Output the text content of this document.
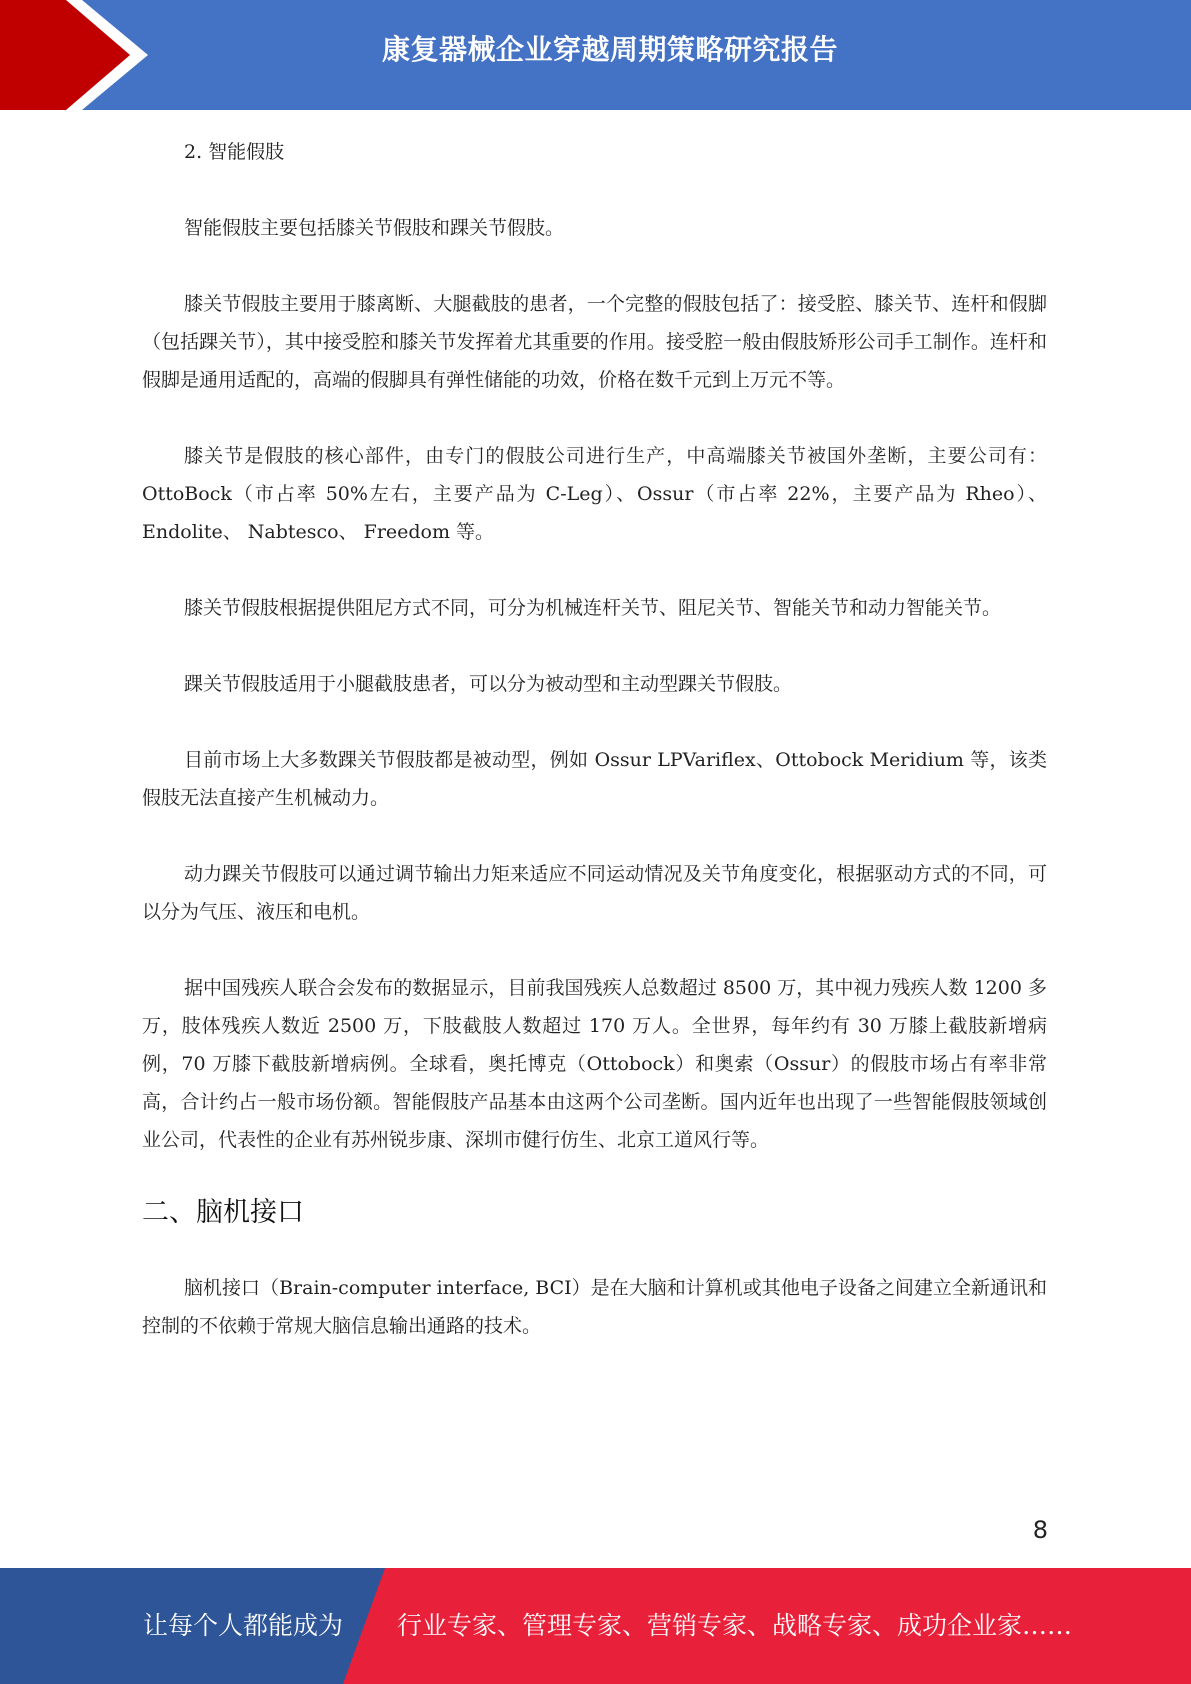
康复器械企业穿越周期策略研究报告

2. 智能假肢

智能假肢主要包括膝关节假肢和踝关节假肢。

膝关节假肢主要用于膝离断、大腿截肢的患者，一个完整的假肢包括了：接受腔、膝关节、连杆和假脚（包括踝关节），其中接受腔和膝关节发挥着尤其重要的作用。接受腔一般由假肢矫形公司手工制作。连杆和假脚是通用适配的，高端的假脚具有弹性储能的功效，价格在数千元到上万元不等。

膝关节是假肢的核心部件，由专门的假肢公司进行生产，中高端膝关节被国外垄断，主要公司有：OttoBock（市占率 50%左右，主要产品为 C-Leg）、Ossur（市占率 22%，主要产品为 Rheo）、Endolite、 Nabtesco、 Freedom 等。

膝关节假肢根据提供阻尼方式不同，可分为机械连杆关节、阻尼关节、智能关节和动力智能关节。

踝关节假肢适用于小腿截肢患者，可以分为被动型和主动型踝关节假肢。

目前市场上大多数踝关节假肢都是被动型，例如 Ossur LPVariflex、Ottobock Meridium 等，该类假肢无法直接产生机械动力。

动力踝关节假肢可以通过调节输出力矩来适应不同运动情况及关节角度变化，根据驱动方式的不同，可以分为气压、液压和电机。

据中国残疾人联合会发布的数据显示，目前我国残疾人总数超过 8500 万，其中视力残疾人数 1200 多万，肢体残疾人数近 2500 万，下肢截肢人数超过 170 万人。全世界，每年约有 30 万膝上截肢新增病例，70 万膝下截肢新增病例。全球看，奥托博克（Ottobock）和奥索（Ossur）的假肢市场占有率非常高，合计约占一般市场份额。智能假肢产品基本由这两个公司垄断。国内近年也出现了一些智能假肢领域创业公司，代表性的企业有苏州锐步康、深圳市健行仿生、北京工道风行等。

二、脑机接口

脑机接口（Brain-computer interface, BCI）是在大脑和计算机或其他电子设备之间建立全新通讯和控制的不依赖于常规大脑信息输出通路的技术。

8
让每个人都能成为 行业专家、管理专家、营销专家、战略专家、成功企业家……
